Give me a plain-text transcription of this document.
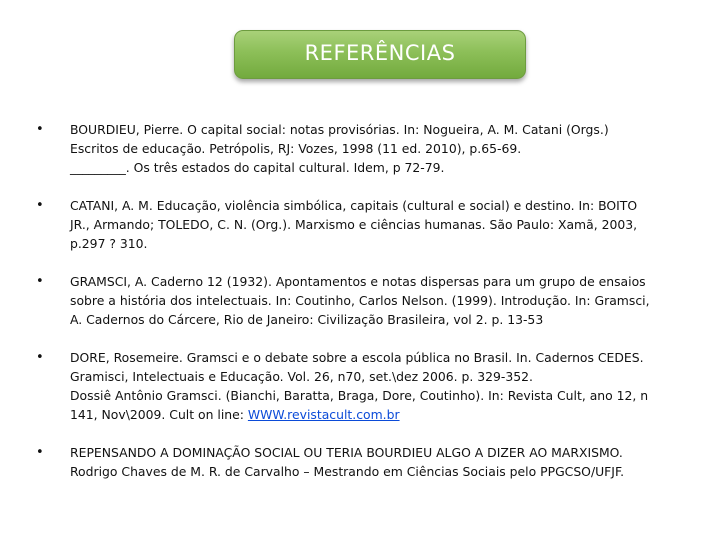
REFERÊNCIAS
• BOURDIEU, Pierre. O capital social: notas provisórias. In: Nogueira, A. M. Catani (Orgs.)
Escritos de educação. Petrópolis, RJ: Vozes, 1998 (11 ed. 2010), p.65-69.
_________. Os três estados do capital cultural. Idem, p 72-79.
• CATANI, A. M. Educação, violência simbólica, capitais (cultural e social) e destino. In: BOITO
JR., Armando; TOLEDO, C. N. (Org.). Marxismo e ciências humanas. São Paulo: Xamã, 2003,
p.297 ? 310.
• GRAMSCI, A. Caderno 12 (1932). Apontamentos e notas dispersas para um grupo de ensaios
sobre a história dos intelectuais. In: Coutinho, Carlos Nelson. (1999). Introdução. In: Gramsci,
A. Cadernos do Cárcere, Rio de Janeiro: Civilização Brasileira, vol 2. p. 13-53
• DORE, Rosemeire. Gramsci e o debate sobre a escola pública no Brasil. In. Cadernos CEDES.
Gramisci, Intelectuais e Educação. Vol. 26, n70, set.\dez 2006. p. 329-352.
Dossiê Antônio Gramsci. (Bianchi, Baratta, Braga, Dore, Coutinho). In: Revista Cult, ano 12, n
141, Nov\2009. Cult on line: WWW.revistacult.com.br
• REPENSANDO A DOMINAÇÃO SOCIAL OU TERIA BOURDIEU ALGO A DIZER AO MARXISMO.
Rodrigo Chaves de M. R. de Carvalho – Mestrando em Ciências Sociais pelo PPGCSO/UFJF.
